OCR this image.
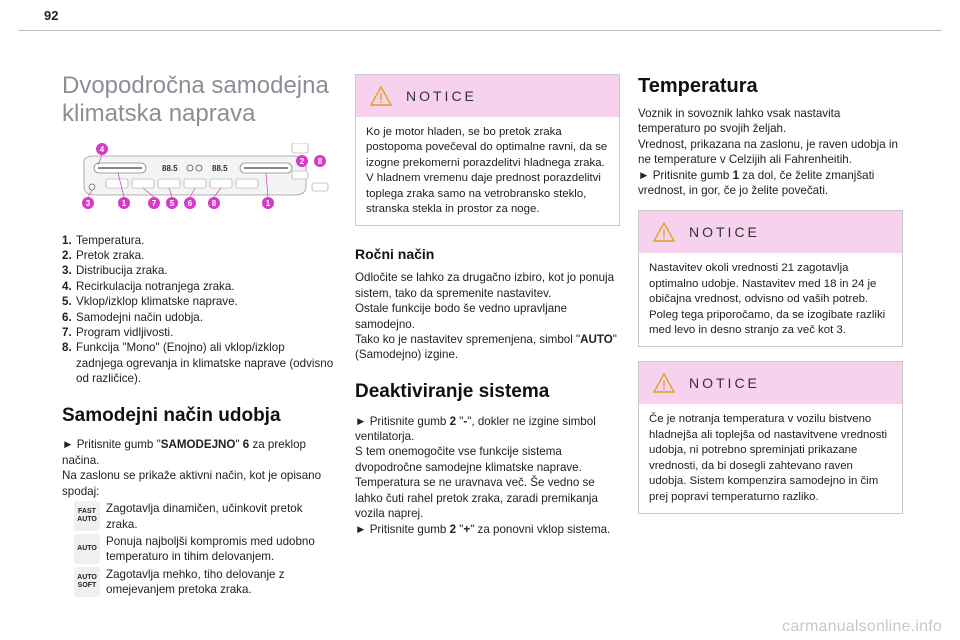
92
Dvopodročna samodejna klimatska naprava
88.5	88.5
4
2 8
3	1	7 5 6 8	1
1. Temperatura.
2. Pretok zraka.
3. Distribucija zraka.
4. Recirkulacija notranjega zraka.
5. Vklop/izklop klimatske naprave.
6. Samodejni način udobja.
7. Program vidljivosti.
8. Funkcija "Mono" (Enojno) ali vklop/izklop zadnjega ogrevanja in klimatske naprave (odvisno od različice).
Samodejni način udobja

► Pritisnite gumb "SAMODEJNO" 6 za preklop načina.

Na zaslonu se prikaže aktivni način, kot je opisano spodaj:

FAST
AUTO
Zagotavlja dinamičen, učinkovit pretok zraka.
AUTO
Ponuja najboljši kompromis med udobno temperaturo in tihim delovanjem.
AUTO
SOFT
Zagotavlja mehko, tiho delovanje z omejevanjem pretoka zraka.
NOTICE
Ko je motor hladen, se bo pretok zraka postopoma povečeval do optimalne ravni, da se izogne prekomerni porazdelitvi hladnega zraka.
V hladnem vremenu daje prednost porazdelitvi toplega zraka samo na vetrobransko steklo, stranska stekla in prostor za noge.
Ročni način

Odločite se lahko za drugačno izbiro, kot jo ponuja sistem, tako da spremenite nastavitev.

Ostale funkcije bodo še vedno upravljane samodejno.

Tako ko je nastavitev spremenjena, simbol "AUTO" (Samodejno) izgine.

Deaktiviranje sistema

► Pritisnite gumb 2 "-", dokler ne izgine simbol ventilatorja.

S tem onemogočite vse funkcije sistema dvopodročne samodejne klimatske naprave.

Temperatura se ne uravnava več. Še vedno se lahko čuti rahel pretok zraka, zaradi premikanja vozila naprej.

► Pritisnite gumb 2 "+" za ponovni vklop sistema.

Temperatura

Voznik in sovoznik lahko vsak nastavita temperaturo po svojih željah.

Vrednost, prikazana na zaslonu, je raven udobja in ne temperature v Celzijih ali Fahrenheitih.

► Pritisnite gumb 1 za dol, če želite zmanjšati vrednost, in gor, če jo želite povečati.

NOTICE
Nastavitev okoli vrednosti 21 zagotavlja optimalno udobje. Nastavitev med 18 in 24 je običajna vrednost, odvisno od vaših potreb. Poleg tega priporočamo, da se izogibate razliki med levo in desno stranjo za več kot 3.
NOTICE
Če je notranja temperatura v vozilu bistveno hladnejša ali toplejša od nastavitvene vrednosti udobja, ni potrebno spreminjati prikazane vrednosti, da bi dosegli zahtevano raven udobja. Sistem kompenzira samodejno in čim prej popravi temperaturno razliko.
carmanualsonline.info
